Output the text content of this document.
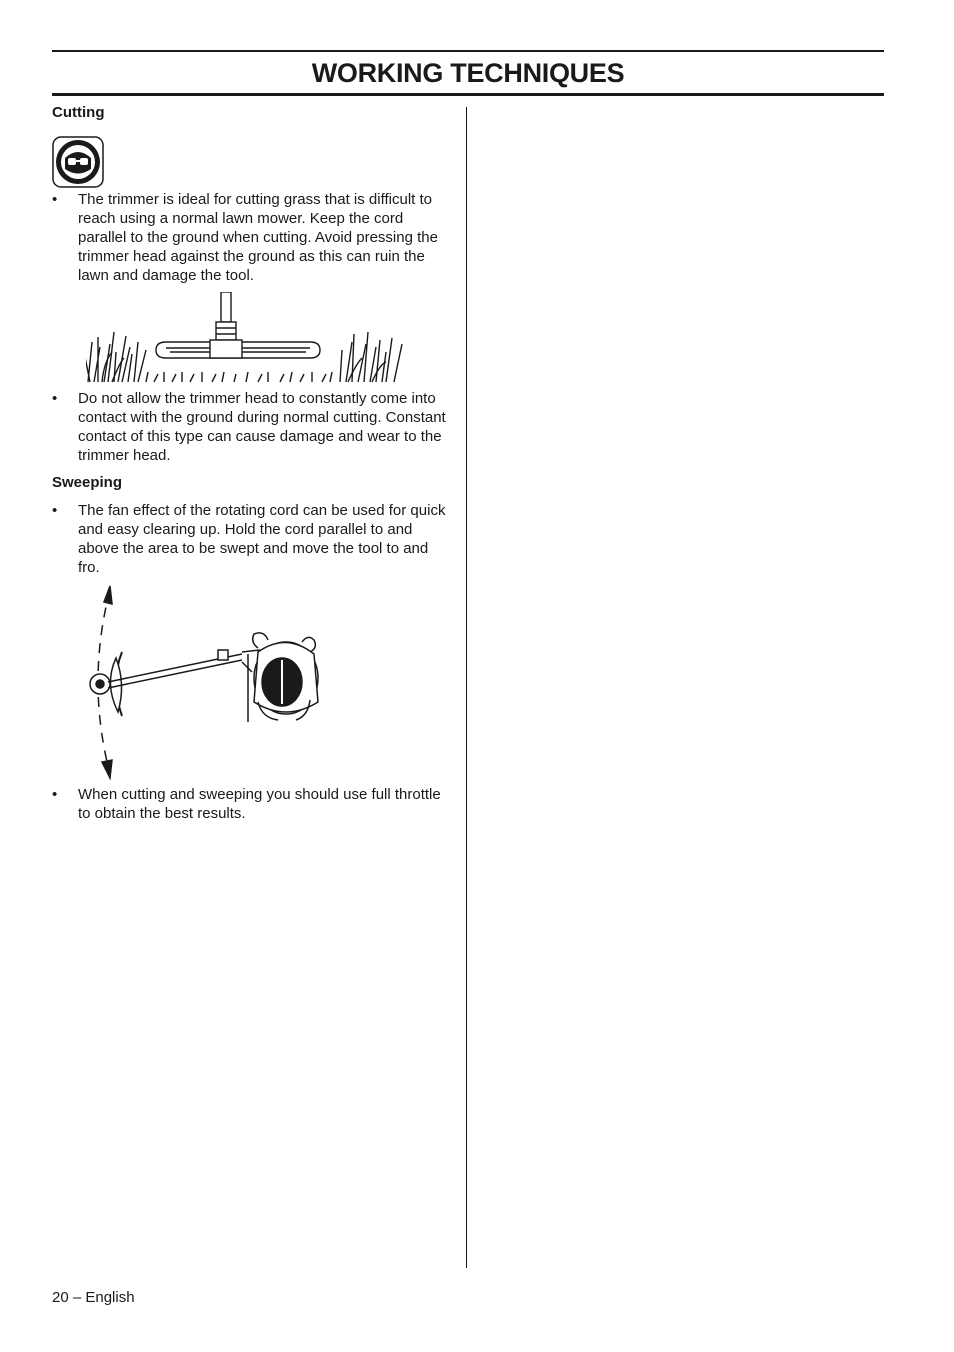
WORKING TECHNIQUES
Cutting
• The trimmer is ideal for cutting grass that is difficult to reach using a normal lawn mower. Keep the cord parallel to the ground when cutting. Avoid pressing the trimmer head against the ground as this can ruin the lawn and damage the tool.
• Do not allow the trimmer head to constantly come into contact with the ground during normal cutting. Constant contact of this type can cause damage and wear to the trimmer head.
Sweeping
• The fan effect of the rotating cord can be used for quick and easy clearing up. Hold the cord parallel to and above the area to be swept and move the tool to and fro.
• When cutting and sweeping you should use full throttle to obtain the best results.
20 – English
